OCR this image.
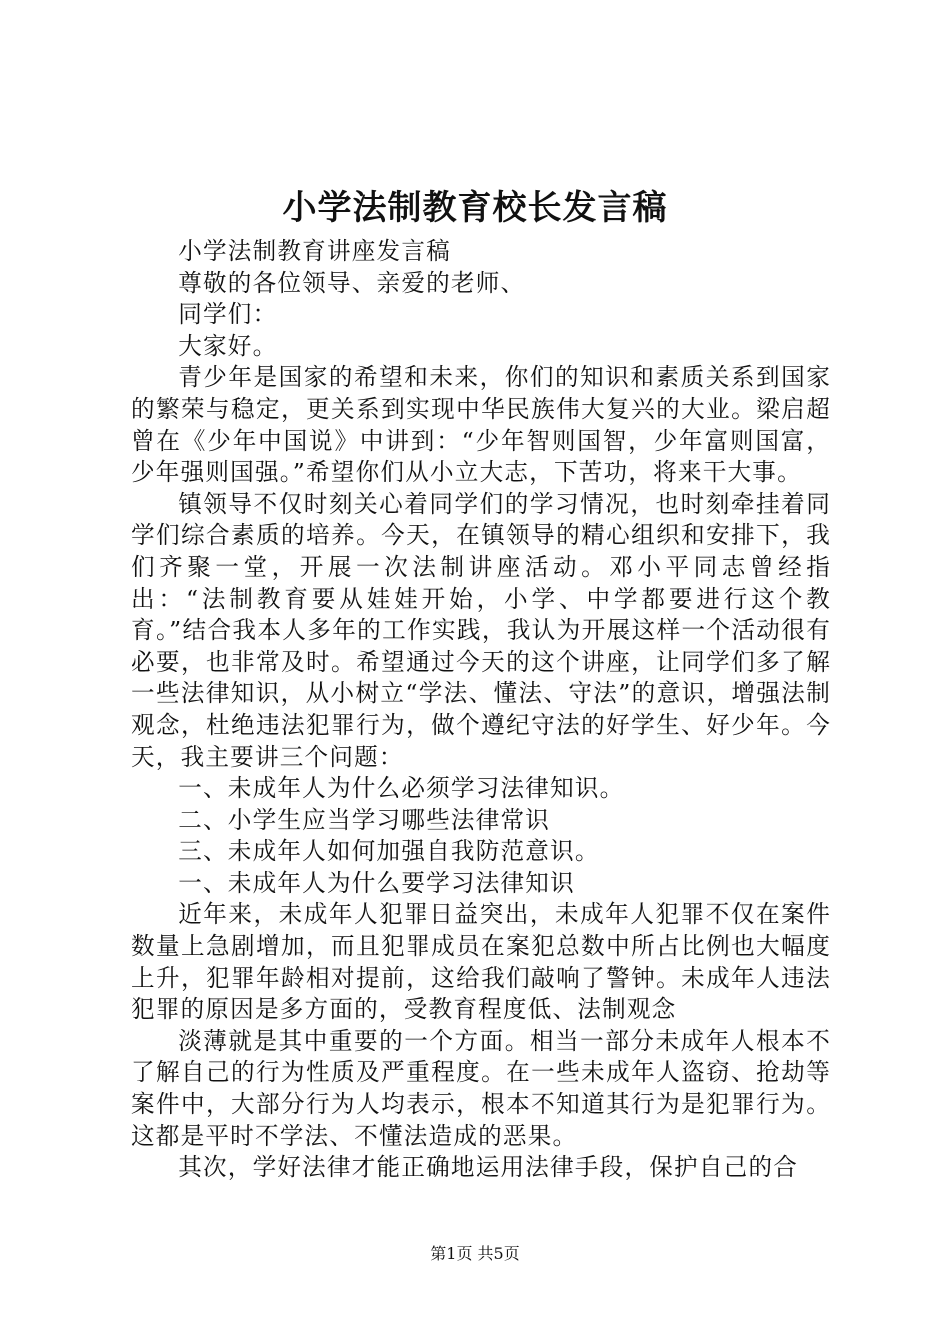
小学法制教育校长发言稿

小学法制教育讲座发言稿

尊敬的各位领导、亲爱的老师、

同学们：

大家好。

青少年是国家的希望和未来，你们的知识和素质关系到国家的繁荣与稳定，更关系到实现中华民族伟大复兴的大业。梁启超曾在《少年中国说》中讲到：“少年智则国智，少年富则国富，少年强则国强。”希望你们从小立大志，下苦功，将来干大事。

镇领导不仅时刻关心着同学们的学习情况，也时刻牵挂着同学们综合素质的培养。今天，在镇领导的精心组织和安排下，我们齐聚一堂，开展一次法制讲座活动。邓小平同志曾经指出：“法制教育要从娃娃开始，小学、中学都要进行这个教育。”结合我本人多年的工作实践，我认为开展这样一个活动很有必要，也非常及时。希望通过今天的这个讲座，让同学们多了解一些法律知识，从小树立“学法、懂法、守法”的意识，增强法制观念，杜绝违法犯罪行为，做个遵纪守法的好学生、好少年。今天，我主要讲三个问题：

一、未成年人为什么必须学习法律知识。

二、小学生应当学习哪些法律常识

三、未成年人如何加强自我防范意识。

一、未成年人为什么要学习法律知识

近年来，未成年人犯罪日益突出，未成年人犯罪不仅在案件数量上急剧增加，而且犯罪成员在案犯总数中所占比例也大幅度上升，犯罪年龄相对提前，这给我们敲响了警钟。未成年人违法犯罪的原因是多方面的，受教育程度低、法制观念

淡薄就是其中重要的一个方面。相当一部分未成年人根本不了解自己的行为性质及严重程度。在一些未成年人盗窃、抢劫等案件中，大部分行为人均表示，根本不知道其行为是犯罪行为。这都是平时不学法、不懂法造成的恶果。

其次，学好法律才能正确地运用法律手段，保护自己的合

第1页 共5页
